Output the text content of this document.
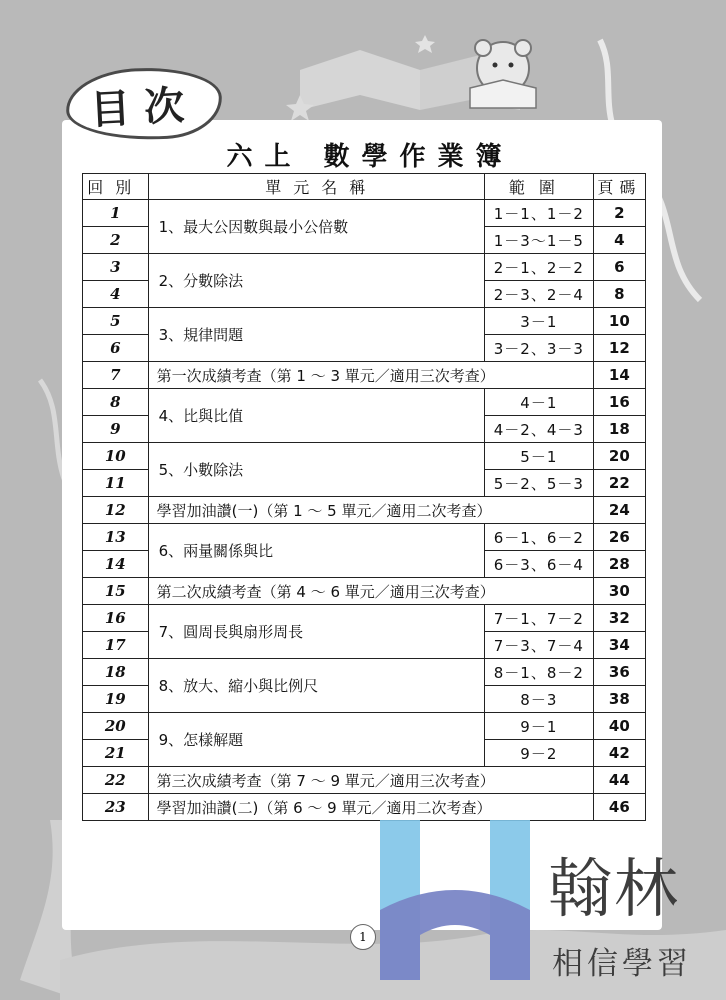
目次
六上 數學作業簿
回別	單元名稱	範圍	頁碼
1	1、最大公因數與最小公倍數	1－1、1－2	2
2		1－3～1－5	4
3	2、分數除法	2－1、2－2	6
4		2－3、2－4	8
5	3、規律問題	3－1	10
6		3－2、3－3	12
7	第一次成績考查（第 1 ～ 3 單元／適用三次考查）		14
8	4、比與比值	4－1	16
9		4－2、4－3	18
10	5、小數除法	5－1	20
11		5－2、5－3	22
12	學習加油讚(一)（第 1 ～ 5 單元／適用二次考查）		24
13	6、兩量關係與比	6－1、6－2	26
14		6－3、6－4	28
15	第二次成績考查（第 4 ～ 6 單元／適用三次考查）		30
16	7、圓周長與扇形周長	7－1、7－2	32
17		7－3、7－4	34
18	8、放大、縮小與比例尺	8－1、8－2	36
19		8－3	38
20	9、怎樣解題	9－1	40
21		9－2	42
22	第三次成績考查（第 7 ～ 9 單元／適用三次考查）		44
23	學習加油讚(二)（第 6 ～ 9 單元／適用二次考查）		46
翰林
相信學習
1
